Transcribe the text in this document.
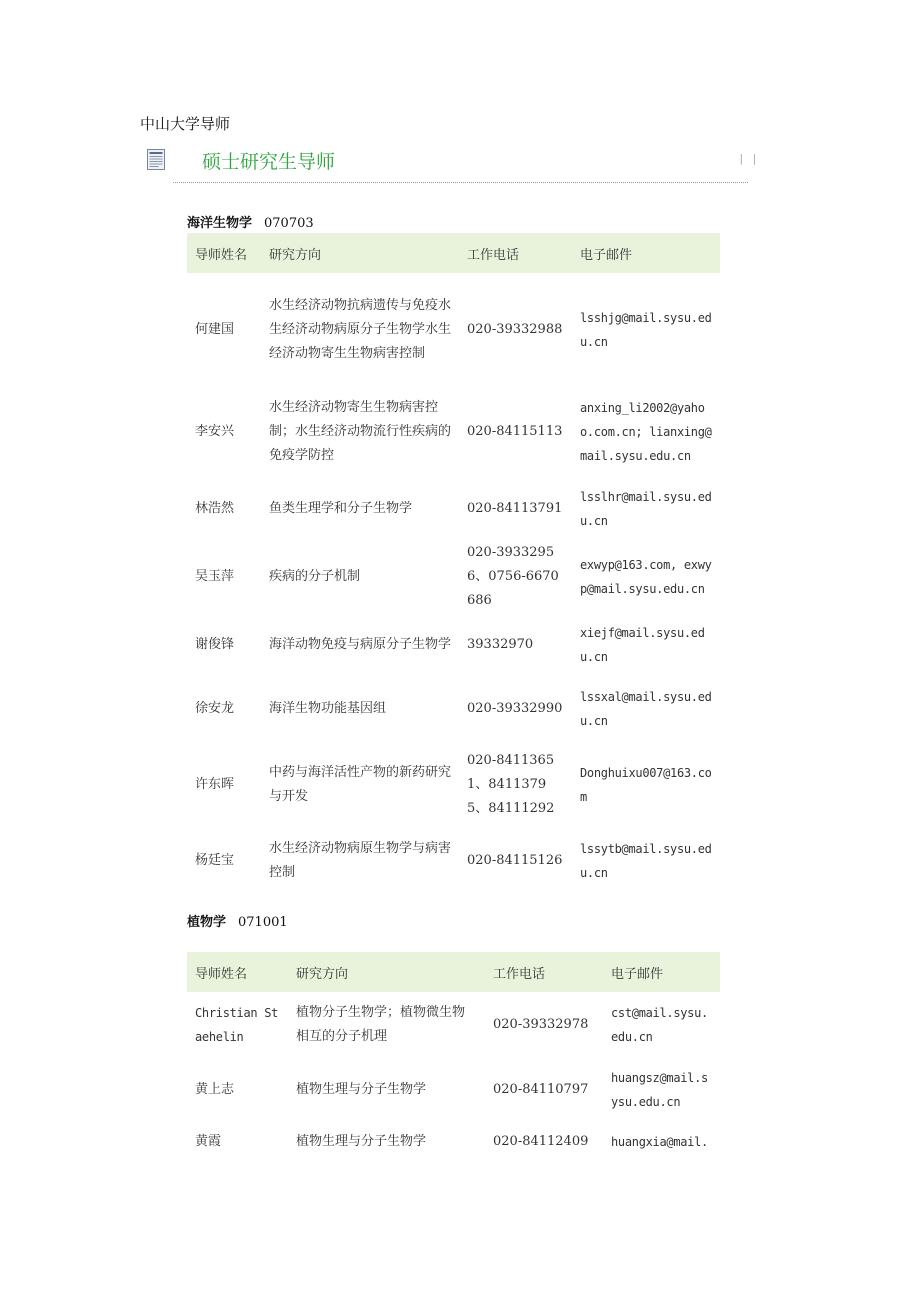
中山大学导师
硕士研究生导师	| |
海洋生物学 070703
导师姓名	研究方向	工作电话	电子邮件
何建国	水生经济动物抗病遗传与免疫水生经济动物病原分子生物学水生经济动物寄生生物病害控制	020-39332988	lsshjg@mail.sysu.edu.cn
李安兴	水生经济动物寄生生物病害控制；水生经济动物流行性疾病的免疫学防控	020-84115113	anxing_li2002@yahoo.com.cn; lianxing@mail.sysu.edu.cn
林浩然	鱼类生理学和分子生物学	020-84113791	lsslhr@mail.sysu.edu.cn
吴玉萍	疾病的分子机制	020-39332956、0756-6670686	exwyp@163.com, exwyp@mail.sysu.edu.cn
谢俊锋	海洋动物免疫与病原分子生物学	39332970	xiejf@mail.sysu.edu.cn
徐安龙	海洋生物功能基因组	020-39332990	lssxal@mail.sysu.edu.cn
许东晖	中药与海洋活性产物的新药研究与开发	020-84113651、84113795、84111292	Donghuixu007@163.com
杨廷宝	水生经济动物病原生物学与病害控制	020-84115126	lssytb@mail.sysu.edu.cn
植物学 071001
导师姓名	研究方向	工作电话	电子邮件
Christian Staehelin	植物分子生物学；植物微生物相互的分子机理	020-39332978	cst@mail.sysu.edu.cn
黄上志	植物生理与分子生物学	020-84110797	huangsz@mail.sysu.edu.cn
黄霞	植物生理与分子生物学	020-84112409	huangxia@mail.
